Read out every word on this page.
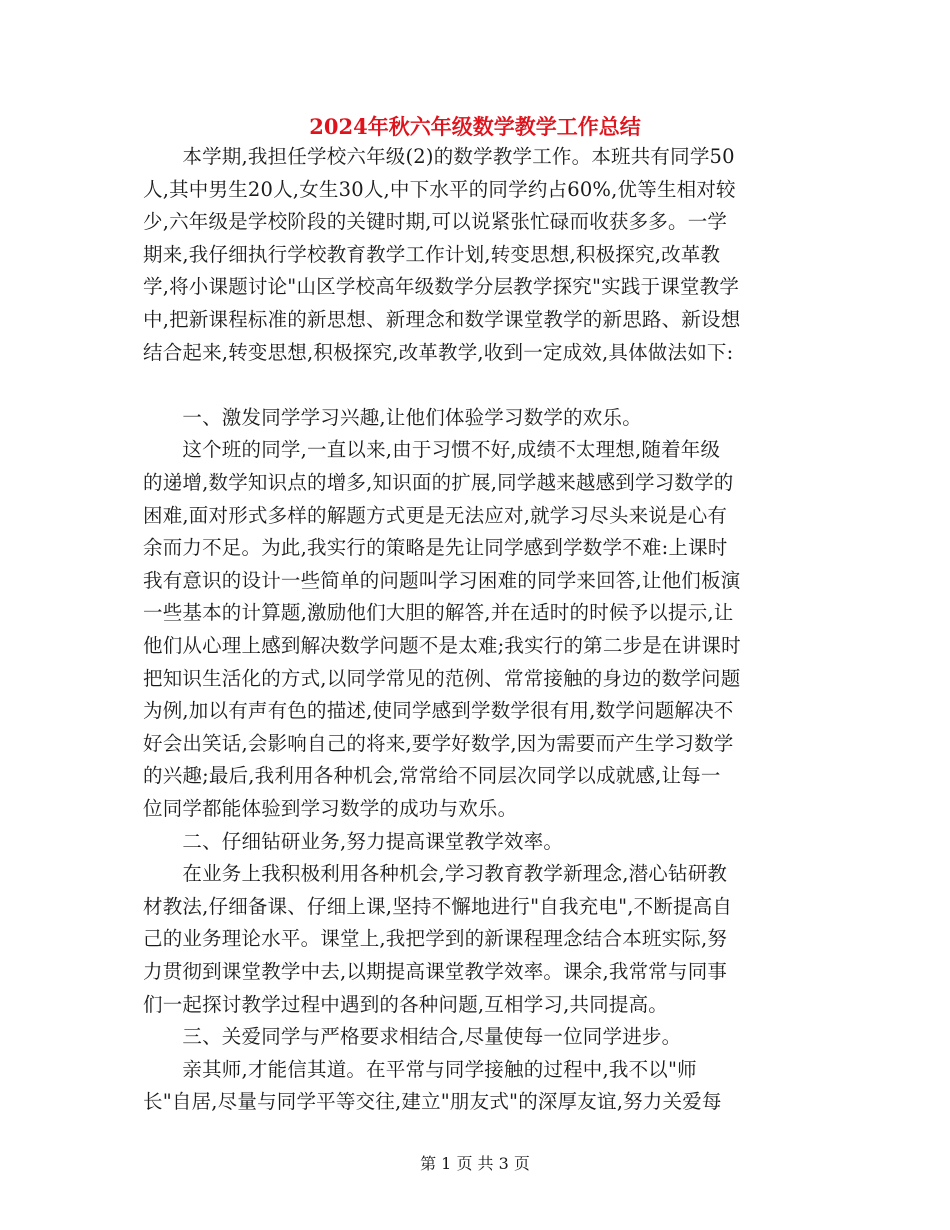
2024年秋六年级数学教学工作总结
　　本学期,我担任学校六年级(2)的数学教学工作。本班共有同学50
人,其中男生20人,女生30人,中下水平的同学约占60%,优等生相对较
少,六年级是学校阶段的关键时期,可以说紧张忙碌而收获多多。一学
期来,我仔细执行学校教育教学工作计划,转变思想,积极探究,改革教
学,将小课题讨论"山区学校高年级数学分层教学探究"实践于课堂教学
中,把新课程标准的新思想、新理念和数学课堂教学的新思路、新设想
结合起来,转变思想,积极探究,改革教学,收到一定成效,具体做法如下:
　　一、激发同学学习兴趣,让他们体验学习数学的欢乐。
　　这个班的同学,一直以来,由于习惯不好,成绩不太理想,随着年级
的递增,数学知识点的增多,知识面的扩展,同学越来越感到学习数学的
困难,面对形式多样的解题方式更是无法应对,就学习尽头来说是心有
余而力不足。为此,我实行的策略是先让同学感到学数学不难:上课时
我有意识的设计一些简单的问题叫学习困难的同学来回答,让他们板演
一些基本的计算题,激励他们大胆的解答,并在适时的时候予以提示,让
他们从心理上感到解决数学问题不是太难;我实行的第二步是在讲课时
把知识生活化的方式,以同学常见的范例、常常接触的身边的数学问题
为例,加以有声有色的描述,使同学感到学数学很有用,数学问题解决不
好会出笑话,会影响自己的将来,要学好数学,因为需要而产生学习数学
的兴趣;最后,我利用各种机会,常常给不同层次同学以成就感,让每一
位同学都能体验到学习数学的成功与欢乐。
　　二、仔细钻研业务,努力提高课堂教学效率。
　　在业务上我积极利用各种机会,学习教育教学新理念,潜心钻研教
材教法,仔细备课、仔细上课,坚持不懈地进行"自我充电",不断提高自
己的业务理论水平。课堂上,我把学到的新课程理念结合本班实际,努
力贯彻到课堂教学中去,以期提高课堂教学效率。课余,我常常与同事
们一起探讨教学过程中遇到的各种问题,互相学习,共同提高。
　　三、关爱同学与严格要求相结合,尽量使每一位同学进步。
　　亲其师,才能信其道。在平常与同学接触的过程中,我不以"师
长"自居,尽量与同学平等交往,建立"朋友式"的深厚友谊,努力关爱每
第 1 页 共 3 页
